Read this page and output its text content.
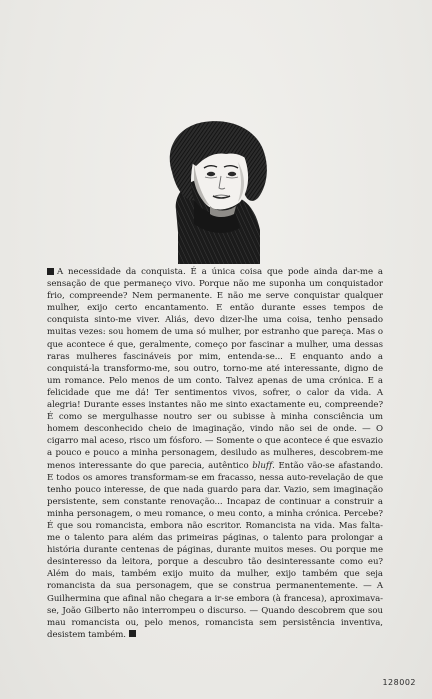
A necessidade da conquista. É a única coisa que pode ainda dar-me a sensação de que permaneço vivo. Porque não me suponha um conquistador frio, compreende? Nem permanente. E não me serve conquistar qualquer mulher, exijo certo encantamento. E então durante esses tempos de conquista sinto-me viver. Aliás, devo dizer-lhe uma coisa, tenho pensado muitas vezes: sou homem de uma só mulher, por estranho que pareça. Mas o que acontece é que, geralmente, começo por fascinar a mulher, uma dessas raras mulheres fascináveis por mim, entenda-se... E enquanto ando a conquistá-la transformo-me, sou outro, torno-me até interessante, digno de um romance. Pelo menos de um conto. Talvez apenas de uma crónica. E a felicidade que me dá! Ter sentimentos vivos, sofrer, o calor da vida. A alegria! Durante esses instantes não me sinto exactamente eu, compreende? É como se mergulhasse noutro ser ou subisse à minha consciência um homem desconhecido cheio de imaginação, vindo não sei de onde. — O cigarro mal aceso, risco um fósforo. — Somente o que acontece é que esvazio a pouco e pouco a minha personagem, desiludo as mulheres, descobrem-me menos interessante do que parecia, autêntico bluff. Então vão-se afastando. E todos os amores transformam-se em fracasso, nessa auto-revelação de que tenho pouco interesse, de que nada guardo para dar. Vazio, sem imaginação persistente, sem constante renovação... Incapaz de continuar a construir a minha personagem, o meu romance, o meu conto, a minha crónica. Percebe? É que sou romancista, embora não escritor. Romancista na vida. Mas falta-me o talento para além das primeiras páginas, o talento para prolongar a história durante centenas de páginas, durante muitos meses. Ou porque me desinteresso da leitora, porque a descubro tão desinteressante como eu? Além do mais, também exijo muito da mulher, exijo também que seja romancista da sua personagem, que se construa permanentemente. — A Guilhermina que afinal não chegara a ir-se embora (à francesa), aproximava-se, João Gilberto não interrompeu o discurso. — Quando descobrem que sou mau romancista ou, pelo menos, romancista sem persistência inventiva, desistem também.
128002
